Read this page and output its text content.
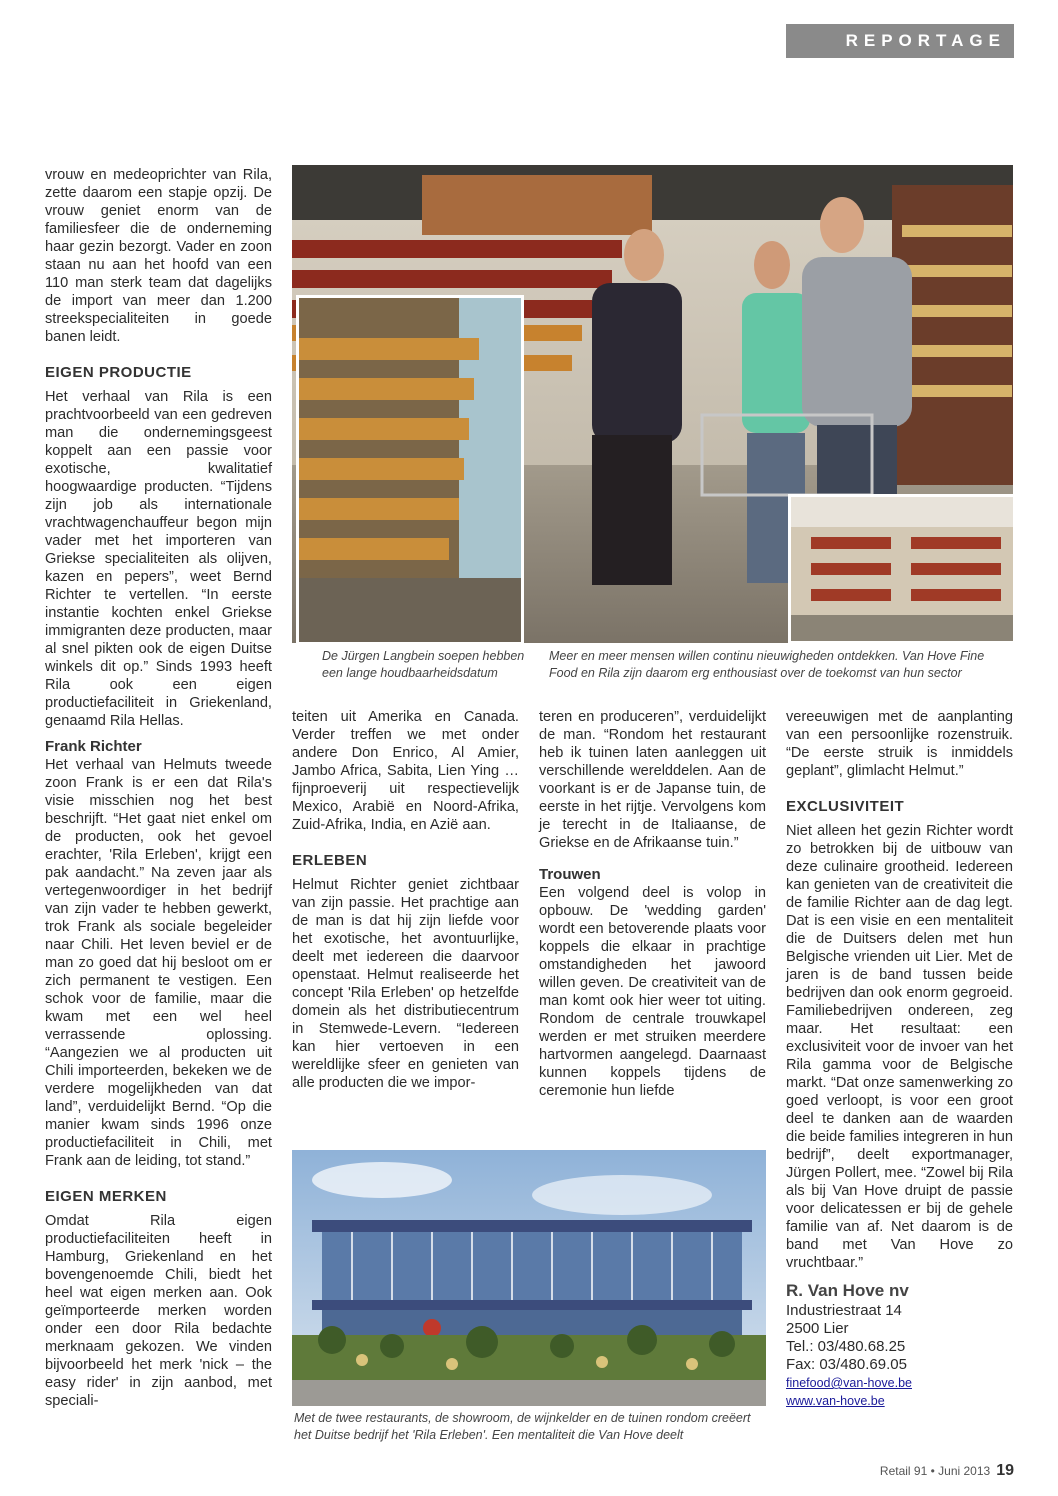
REPORTAGE

vrouw en medeoprichter van Rila, zette daarom een stapje opzij. De vrouw geniet enorm van de familiesfeer die de onderneming haar gezin bezorgt. Vader en zoon staan nu aan het hoofd van een 110 man sterk team dat dagelijks de import van meer dan 1.200 streekspecialiteiten in goede banen leidt.

EIGEN PRODUCTIE

Het verhaal van Rila is een prachtvoorbeeld van een gedreven man die ondernemingsgeest koppelt aan een passie voor exotische, kwalitatief hoogwaardige producten. “Tijdens zijn job als internationale vrachtwagenchauffeur begon mijn vader met het importeren van Griekse specialiteiten als olijven, kazen en pepers”, weet Bernd Richter te vertellen. “In eerste instantie kochten enkel Griekse immigranten deze producten, maar al snel pikten ook de eigen Duitse winkels dit op.” Sinds 1993 heeft Rila ook een eigen productiefaciliteit in Griekenland, genaamd Rila Hellas.

Frank Richter

Het verhaal van Helmuts tweede zoon Frank is er een dat Rila's visie misschien nog het best beschrijft. “Het gaat niet enkel om de producten, ook het gevoel erachter, 'Rila Erleben', krijgt een pak aandacht.” Na zeven jaar als vertegenwoordiger in het bedrijf van zijn vader te hebben gewerkt, trok Frank als sociale begeleider naar Chili. Het leven beviel er de man zo goed dat hij besloot om er zich permanent te vestigen. Een schok voor de familie, maar die kwam met een wel heel verrassende oplossing. “Aangezien we al producten uit Chili importeerden, bekeken we de verdere mogelijkheden van dat land”, verduidelijkt Bernd. “Op die manier kwam sinds 1996 onze productiefaciliteit in Chili, met Frank aan de leiding, tot stand.”

EIGEN MERKEN

Omdat Rila eigen productiefaciliteiten heeft in Hamburg, Griekenland en het bovengenoemde Chili, biedt het heel wat eigen merken aan. Ook geïmporteerde merken worden onder een door Rila bedachte merknaam gekozen. We vinden bijvoorbeeld het merk 'nick – the easy rider' in zijn aanbod, met speciali-

De Jürgen Langbein soepen hebben een lange houdbaarheidsdatum
Meer en meer mensen willen continu nieuwigheden ontdekken. Van Hove Fine Food en Rila zijn daarom erg enthousiast over de toekomst van hun sector

teiten uit Amerika en Canada. Verder treffen we met onder andere Don Enrico, Al Amier, Jambo Africa, Sabita, Lien Ying … fijnproeverij uit respectievelijk Mexico, Arabië en Noord-Afrika, Zuid-Afrika, India, en Azië aan.

ERLEBEN

Helmut Richter geniet zichtbaar van zijn passie. Het prachtige aan de man is dat hij zijn liefde voor het exotische, het avontuurlijke, deelt met iedereen die daarvoor openstaat. Helmut realiseerde het concept 'Rila Erleben' op hetzelfde domein als het distributiecentrum in Stemwede-Levern. “Iedereen kan hier vertoeven in een wereldlijke sfeer en genieten van alle producten die we impor-

teren en produceren”, verduidelijkt de man. “Rondom het restaurant heb ik tuinen laten aanleggen uit verschillende werelddelen. Aan de voorkant is er de Japanse tuin, de eerste in het rijtje. Vervolgens kom je terecht in de Italiaanse, de Griekse en de Afrikaanse tuin.”

Trouwen

Een volgend deel is volop in opbouw. De 'wedding garden' wordt een betoverende plaats voor koppels die elkaar in prachtige omstandigheden het jawoord willen geven. De creativiteit van de man komt ook hier weer tot uiting. Rondom de centrale trouwkapel werden er met struiken meerdere hartvormen aangelegd. Daarnaast kunnen koppels tijdens de ceremonie hun liefde

vereeuwigen met de aanplanting van een persoonlijke rozenstruik. “De eerste struik is inmiddels geplant”, glimlacht Helmut.”

EXCLUSIVITEIT

Niet alleen het gezin Richter wordt zo betrokken bij de uitbouw van deze culinaire grootheid. Iedereen kan genieten van de creativiteit die de familie Richter aan de dag legt. Dat is een visie en een mentaliteit die de Duitsers delen met hun Belgische vrienden uit Lier. Met de jaren is de band tussen beide bedrijven dan ook enorm gegroeid. Familiebedrijven ondereen, zeg maar. Het resultaat: een exclusiviteit voor de invoer van het Rila gamma voor de Belgische markt. “Dat onze samenwerking zo goed verloopt, is voor een groot deel te danken aan de waarden die beide families integreren in hun bedrijf”, deelt exportmanager, Jürgen Pollert, mee. “Zowel bij Rila als bij Van Hove druipt de passie voor delicatessen er bij de gehele familie van af. Net daarom is de band met Van Hove zo vruchtbaar.”

R. Van Hove nv
Industriestraat 14
2500 Lier
Tel.: 03/480.68.25
Fax: 03/480.69.05
finefood@van-hove.be
www.van-hove.be
Met de twee restaurants, de showroom, de wijnkelder en de tuinen rondom creëert het Duitse bedrijf het 'Rila Erleben'. Een mentaliteit die Van Hove deelt
Retail 91 • Juni 2013 19
